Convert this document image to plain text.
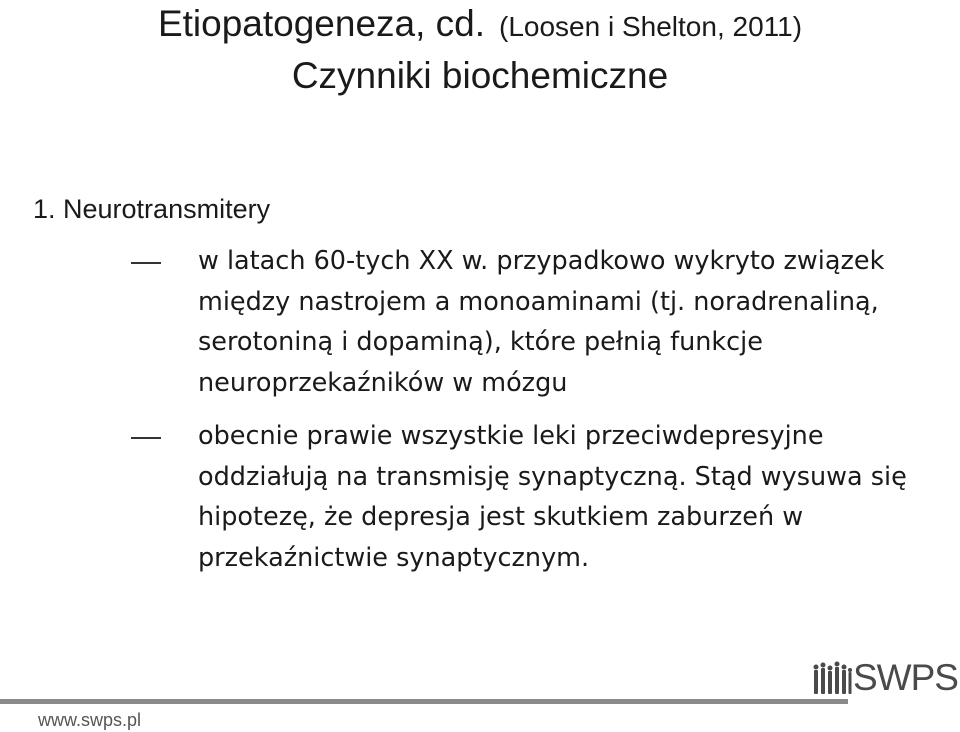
Etiopatogeneza, cd. (Loosen i Shelton, 2011)
Czynniki biochemiczne
1. Neurotransmitery

w latach 60-tych XX w. przypadkowo wykryto związek między nastrojem a monoaminami (tj. noradrenaliną, serotoniną i dopaminą), które pełnią funkcje neuroprzekaźników w mózgu

obecnie prawie wszystkie leki przeciwdepresyjne oddziałują na transmisję synaptyczną. Stąd wysuwa się hipotezę, że depresja jest skutkiem zaburzeń w przekaźnictwie synaptycznym.

www.swps.pl
SWPS
